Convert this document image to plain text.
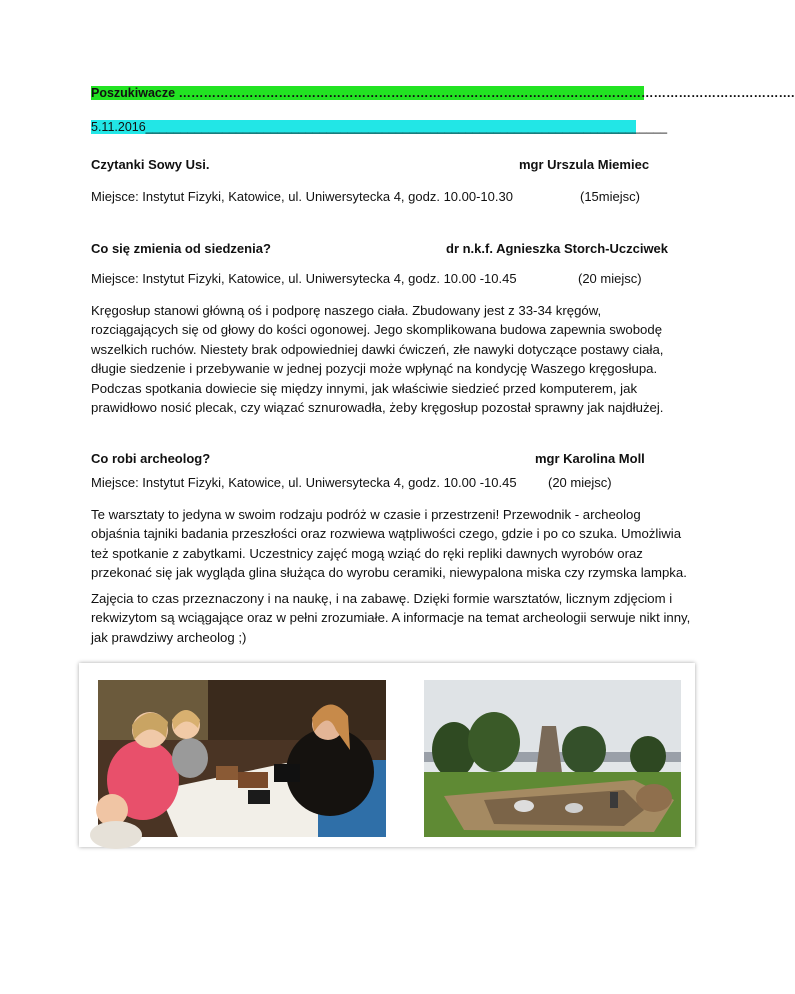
Poszukiwacze ………………………………………………………………………………………………………………………………….
5.11.2016___________________________________________________________________________
Czytanki Sowy Usi.	mgr Urszula Miemiec
Miejsce: Instytut Fizyki, Katowice, ul. Uniwersytecka 4, godz. 10.00-10.30	(15miejsc)
Co się zmienia od siedzenia?	dr n.k.f. Agnieszka Storch-Uczciwek
Miejsce: Instytut Fizyki, Katowice, ul. Uniwersytecka 4, godz. 10.00 -10.45	(20 miejsc)
Kręgosłup stanowi główną oś i podporę naszego ciała. Zbudowany jest z 33-34 kręgów, rozciągających się od głowy do kości ogonowej. Jego skomplikowana budowa zapewnia swobodę wszelkich ruchów. Niestety brak odpowiedniej dawki ćwiczeń, złe nawyki dotyczące postawy ciała, długie siedzenie i przebywanie w jednej pozycji może wpłynąć na kondycję Waszego kręgosłupa. Podczas spotkania dowiecie się między innymi, jak właściwie siedzieć przed komputerem, jak prawidłowo nosić plecak, czy wiązać sznurowadła, żeby kręgosłup pozostał sprawny jak najdłużej.
Co robi archeolog?	mgr Karolina Moll
Miejsce: Instytut Fizyki, Katowice, ul. Uniwersytecka 4, godz. 10.00 -10.45 (20 miejsc)
Te warsztaty to jedyna w swoim rodzaju podróż w czasie i przestrzeni! Przewodnik - archeolog objaśnia tajniki badania przeszłości oraz rozwiewa wątpliwości czego, gdzie i po co szuka. Umożliwia też spotkanie z zabytkami. Uczestnicy zajęć mogą wziąć do ręki repliki dawnych wyrobów oraz przekonać się jak wygląda glina służąca do wyrobu ceramiki, niewypalona miska czy rzymska lampka.
Zajęcia to czas przeznaczony i na naukę, i na zabawę. Dzięki formie warsztatów, licznym zdjęciom i rekwizytom są wciągające oraz w pełni zrozumiałe. A informacje na temat archeologii serwuje nikt inny, jak prawdziwy archeolog ;)
